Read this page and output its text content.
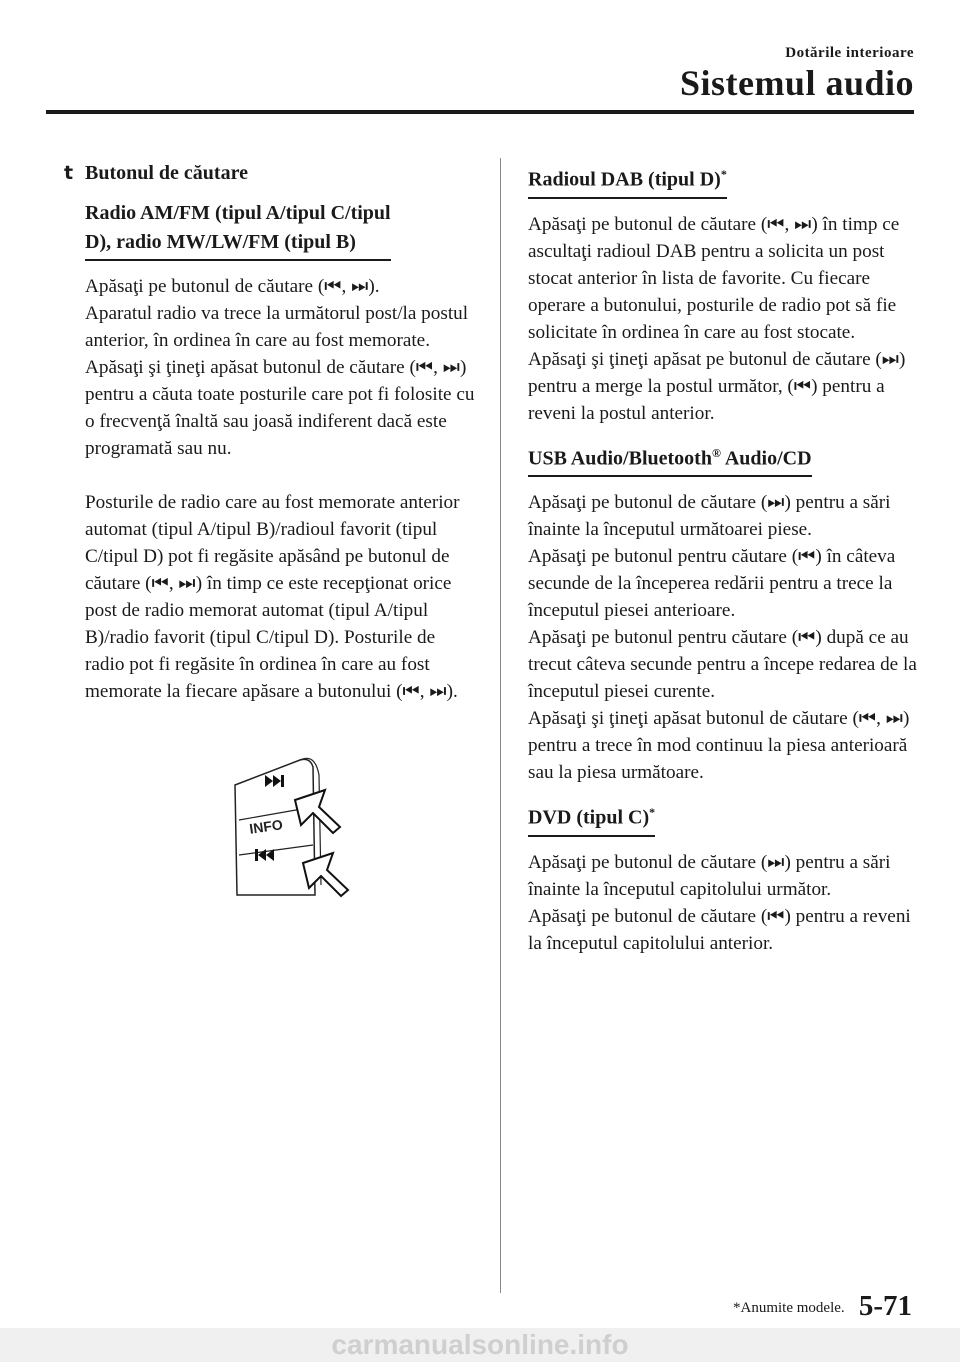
Dotările interioare
Sistemul audio
t Butonul de căutare
Radio AM/FM (tipul A/tipul C/tipul
D), radio MW/LW/FM (tipul B)

Apăsaţi pe butonul de căutare (⏮, ⏭).

Aparatul radio va trece la următorul post/la postul anterior, în ordinea în care au fost memorate.

Apăsaţi şi ţineţi apăsat butonul de căutare (⏮, ⏭) pentru a căuta toate posturile care pot fi folosite cu o frecvenţă înaltă sau joasă indiferent dacă este programată sau nu.

Posturile de radio care au fost memorate anterior automat (tipul A/tipul B)/radioul favorit (tipul C/tipul D) pot fi regăsite apăsând pe butonul de căutare (⏮, ⏭) în timp ce este recepţionat orice post de radio memorat automat (tipul A/tipul B)/radio favorit (tipul C/tipul D). Posturile de radio pot fi regăsite în ordinea în care au fost memorate la fiecare apăsare a butonului (⏮, ⏭).

INFO
Radioul DAB (tipul D)*

Apăsaţi pe butonul de căutare (⏮, ⏭) în timp ce ascultaţi radioul DAB pentru a solicita un post stocat anterior în lista de favorite. Cu fiecare operare a butonului, posturile de radio pot să fie solicitate în ordinea în care au fost stocate.

Apăsaţi şi ţineţi apăsat pe butonul de căutare (⏭) pentru a merge la postul următor, (⏮) pentru a reveni la postul anterior.

USB Audio/Bluetooth® Audio/CD

Apăsaţi pe butonul de căutare (⏭) pentru a sări înainte la începutul următoarei piese.

Apăsaţi pe butonul pentru căutare (⏮) în câteva secunde de la începerea redării pentru a trece la începutul piesei anterioare.

Apăsaţi pe butonul pentru căutare (⏮) după ce au trecut câteva secunde pentru a începe redarea de la începutul piesei curente.

Apăsaţi şi ţineţi apăsat butonul de căutare (⏮, ⏭) pentru a trece în mod continuu la piesa anterioară sau la piesa următoare.

DVD (tipul C)*

Apăsaţi pe butonul de căutare (⏭) pentru a sări înainte la începutul capitolului următor.

Apăsaţi pe butonul de căutare (⏮) pentru a reveni la începutul capitolului anterior.

*Anumite modele. 5-71
carmanualsonline.info
